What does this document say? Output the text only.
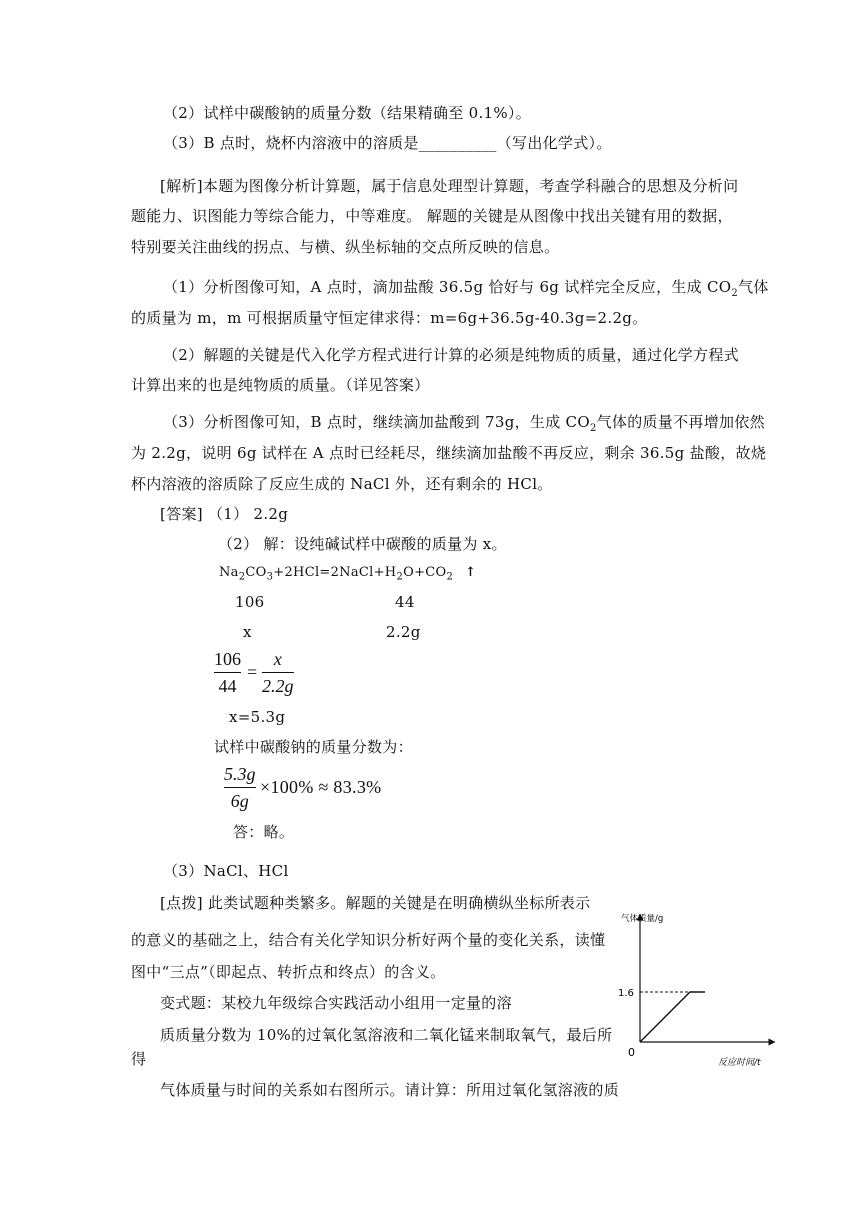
（2）试样中碳酸钠的质量分数（结果精确至 0.1%）。
（3）B 点时，烧杯内溶液中的溶质是__________（写出化学式）。
[解析]本题为图像分析计算题，属于信息处理型计算题，考查学科融合的思想及分析问
题能力、识图能力等综合能力，中等难度。 解题的关键是从图像中找出关键有用的数据，
特别要关注曲线的拐点、与横、纵坐标轴的交点所反映的信息。
（1）分析图像可知，A 点时，滴加盐酸 36.5g 恰好与 6g 试样完全反应，生成 $CO_2$气体
的质量为 m，m 可根据质量守恒定律求得：m=6g+36.5g-40.3g=2.2g。
（2）解题的关键是代入化学方程式进行计算的必须是纯物质的质量，通过化学方程式
计算出来的也是纯物质的质量。（详见答案）
（3）分析图像可知，B 点时，继续滴加盐酸到 73g，生成 $CO_2$气体的质量不再增加依然
为 2.2g，说明 6g 试样在 A 点时已经耗尽，继续滴加盐酸不再反应，剩余 36.5g 盐酸，故烧
杯内溶液的溶质除了反应生成的 NaCl 外，还有剩余的 HCl。
[答案] （1） 2.2g
（2） 解：设纯碱试样中碳酸的质量为 x。
$Na_2CO_3+2HCl=2NaCl+H_2O+CO_2$ ↑
106	44
x	2.2g
106
44
=
x
2.2g
x=5.3g
试样中碳酸钠的质量分数为：
5.3g
6g
×100% ≈ 83.3%
答：略。
（3）NaCl、HCl
[点拨] 此类试题种类繁多。解题的关键是在明确横纵坐标所表示
的意义的基础之上，结合有关化学知识分析好两个量的变化关系，读懂
图中“三点”（即起点、转折点和终点）的含义。
变式题：某校九年级综合实践活动小组用一定量的溶
质质量分数为 10%的过氧化氢溶液和二氧化锰来制取氧气，最后所
得
气体质量与时间的关系如右图所示。请计算：所用过氧化氢溶液的质
气体质量/g
反应时间/t
0
1.6
